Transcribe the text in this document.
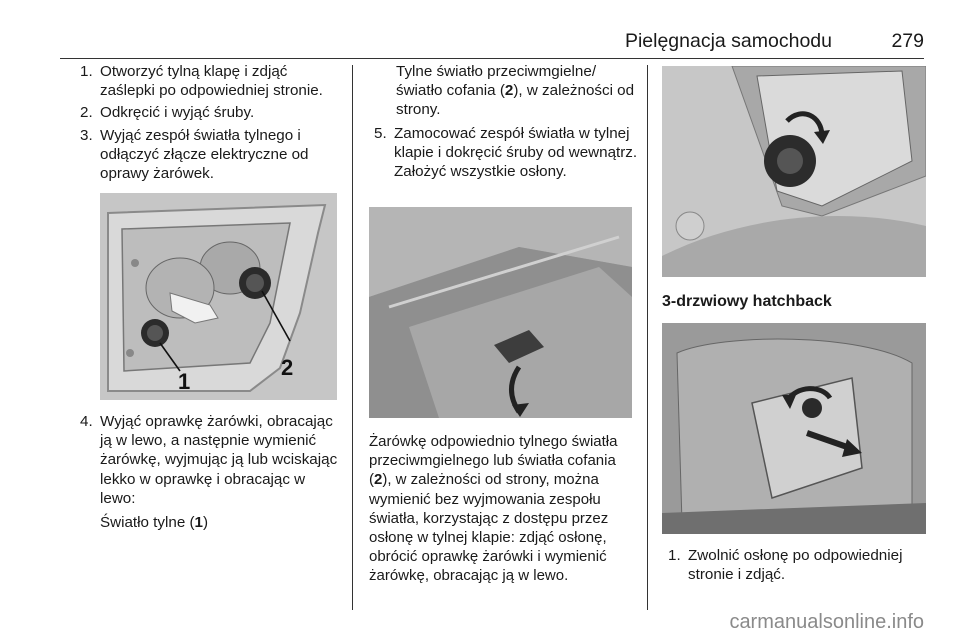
Pielęgnacja samochodu	279
1. Otworzyć tylną klapę i zdjąć zaślepki po odpowiedniej stronie.
2. Odkręcić i wyjąć śruby.
3. Wyjąć zespół światła tylnego i odłączyć złącze elektryczne od oprawy żarówek.
2
1
4. Wyjąć oprawkę żarówki, obracając ją w lewo, a następnie wymienić żarówkę, wyjmując ją lub wciskając lekko w oprawkę i obracając w lewo:

Światło tylne (1)

Tylne światło przeciwmgielne/ światło cofania (2), w zależności od strony.

5. Zamocować zespół światła w tylnej klapie i dokręcić śruby od wewnątrz. Założyć wszystkie osłony.

Żarówkę odpowiednio tylnego światła przeciwmgielnego lub światła cofania (2), w zależności od strony, można wymienić bez wyjmowania zespołu światła, korzystając z dostępu przez osłonę w tylnej klapie: zdjąć osłonę, obrócić oprawkę żarówki i wymienić żarówkę, obracając ją w lewo.

3-drzwiowy hatchback

1. Zwolnić osłonę po odpowiedniej stronie i zdjąć.
carmanualsonline.info
